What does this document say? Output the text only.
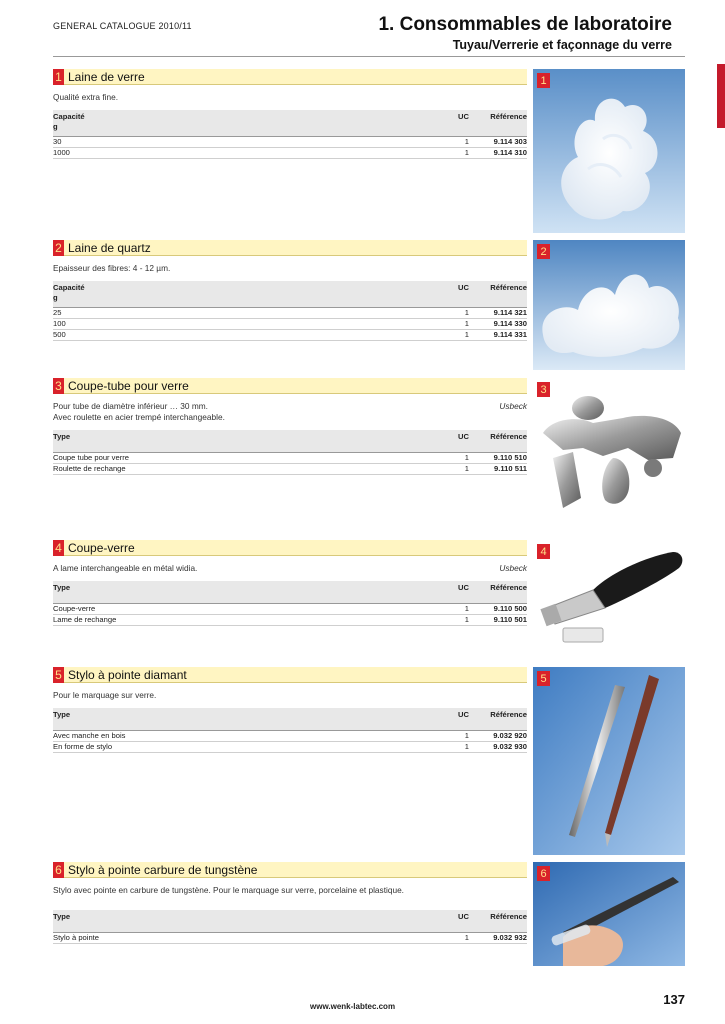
GENERAL CATALOGUE 2010/11	1. Consommables de laboratoire
Tuyau/Verrerie et façonnage du verre
1 Laine de verre
Qualité extra fine.
Capacité
g	UC	Référence
30	1	9.114 303
1000	1	9.114 310
2 Laine de quartz
Epaisseur des fibres: 4 - 12 µm.
Capacité
g	UC	Référence
25	1	9.114 321
100	1	9.114 330
500	1	9.114 331
3 Coupe-tube pour verre
Pour tube de diamètre inférieur … 30 mm.
Avec roulette en acier trempé interchangeable.
Usbeck
Type	UC	Référence
Coupe tube pour verre	1	9.110 510
Roulette de rechange	1	9.110 511
4 Coupe-verre
A lame interchangeable en métal widia.	Usbeck
Type	UC	Référence
Coupe-verre	1	9.110 500
Lame de rechange	1	9.110 501
5 Stylo à pointe diamant
Pour le marquage sur verre.
Type	UC	Référence
Avec manche en bois	1	9.032 920
En forme de stylo	1	9.032 930
6 Stylo à pointe carbure de tungstène
Stylo avec pointe en carbure de tungstène. Pour le marquage sur verre, porcelaine et plastique.
Type	UC	Référence
Stylo à pointe	1	9.032 932
1
2
3
4
5
6
www.wenk-labtec.com	137
